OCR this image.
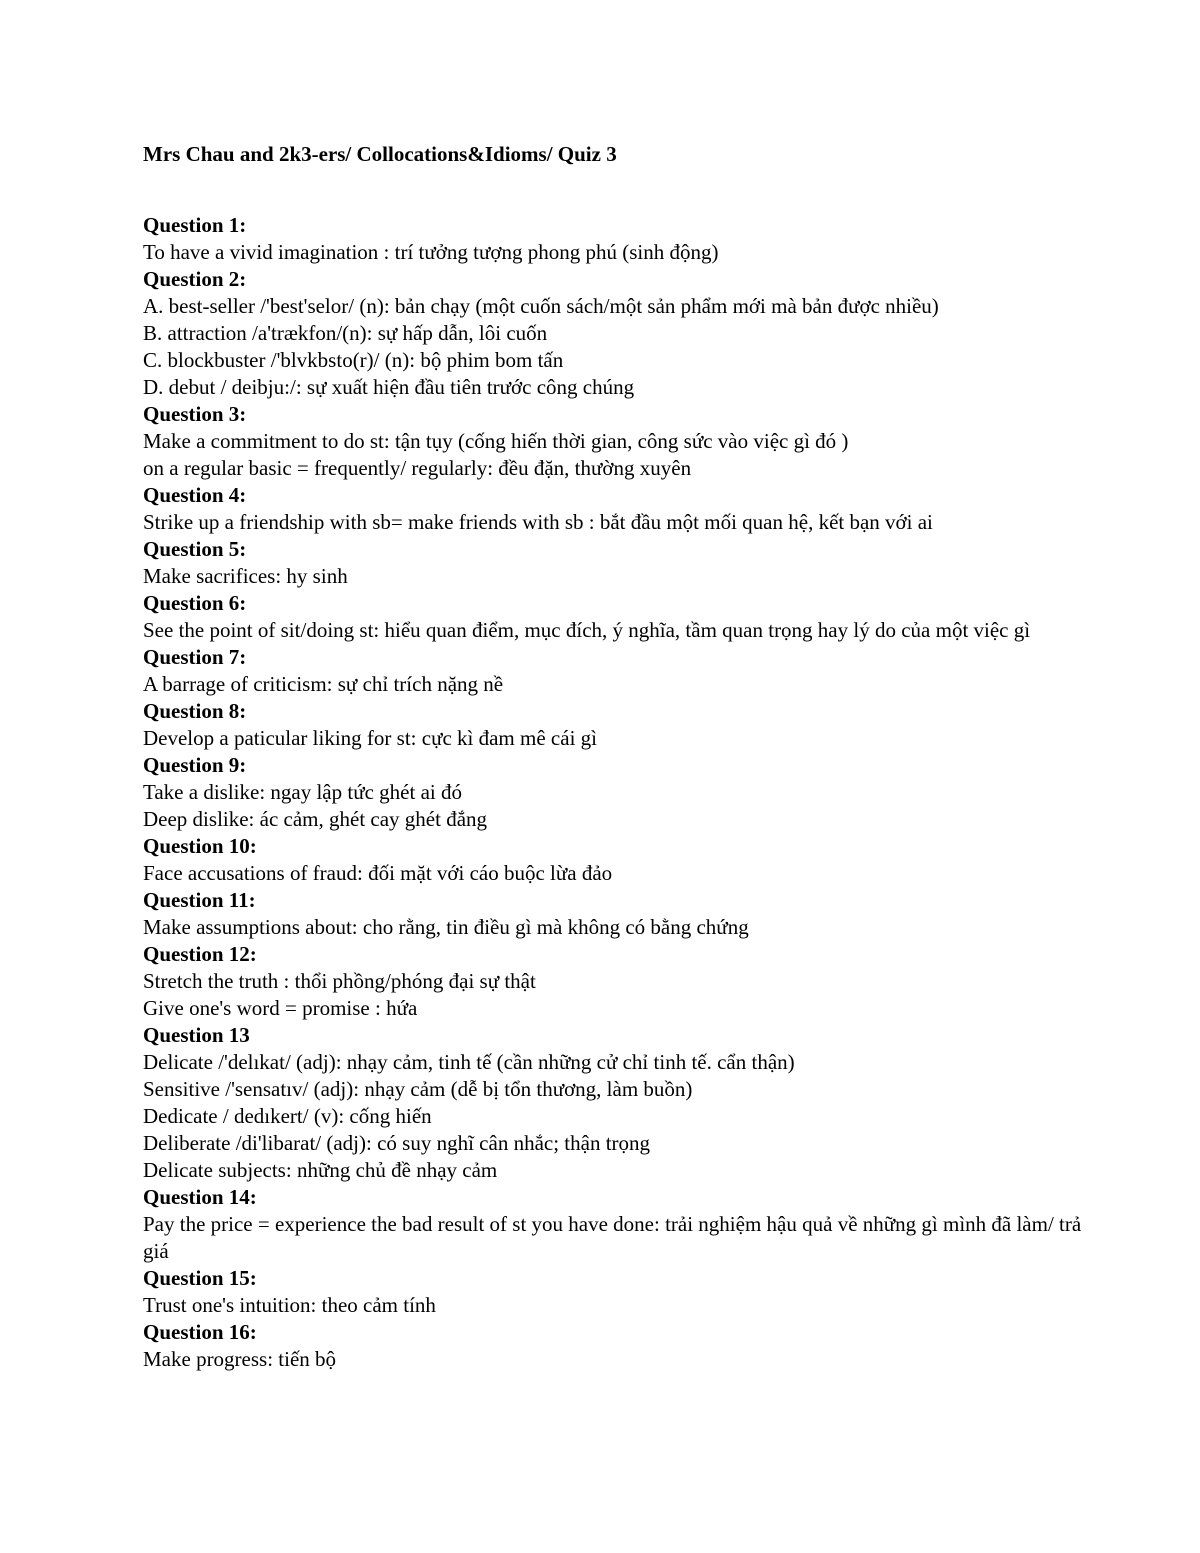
Mrs Chau and 2k3-ers/ Collocations&Idioms/ Quiz 3
Question 1:
To have a vivid imagination : trí tưởng tượng phong phú (sinh động)
Question 2:
A. best-seller /'best'selor/ (n): bản chạy (một cuốn sách/một sản phẩm mới mà bản được nhiều)
B. attraction /a'trækfon/(n): sự hấp dẫn, lôi cuốn
C. blockbuster /'blvkbsto(r)/ (n): bộ phim bom tấn
D. debut / deibju:/: sự xuất hiện đầu tiên trước công chúng
Question 3:
Make a commitment to do st: tận tụy (cống hiến thời gian, công sức vào việc gì đó )
on a regular basic = frequently/ regularly: đều đặn, thường xuyên
Question 4:
Strike up a friendship with sb= make friends with sb : bắt đầu một mối quan hệ, kết bạn với ai
Question 5:
Make sacrifices: hy sinh
Question 6:
See the point of sit/doing st: hiểu quan điểm, mục đích, ý nghĩa, tầm quan trọng hay lý do của một việc gì
Question 7:
A barrage of criticism: sự chỉ trích nặng nề
Question 8:
Develop a paticular liking for st: cực kì đam mê cái gì
Question 9:
Take a dislike: ngay lập tức ghét ai đó
Deep dislike: ác cảm, ghét cay ghét đắng
Question 10:
Face accusations of fraud: đối mặt với cáo buộc lừa đảo
Question 11:
Make assumptions about: cho rằng, tin điều gì mà không có bằng chứng
Question 12:
Stretch the truth : thổi phồng/phóng đại sự thật
Give one's word = promise : hứa
Question 13
Delicate /'delıkat/ (adj): nhạy cảm, tinh tế (cần những cử chỉ tinh tế. cẩn thận)
Sensitive /'sensatıv/ (adj): nhạy cảm (dễ bị tổn thương, làm buồn)
Dedicate / dedıkert/ (v): cống hiến
Deliberate /di'libarat/ (adj): có suy nghĩ cân nhắc; thận trọng
Delicate subjects: những chủ đề nhạy cảm
Question 14:
Pay the price = experience the bad result of st you have done: trải nghiệm hậu quả về những gì mình đã làm/ trả giá
Question 15:
Trust one's intuition: theo cảm tính
Question 16:
Make progress: tiến bộ
